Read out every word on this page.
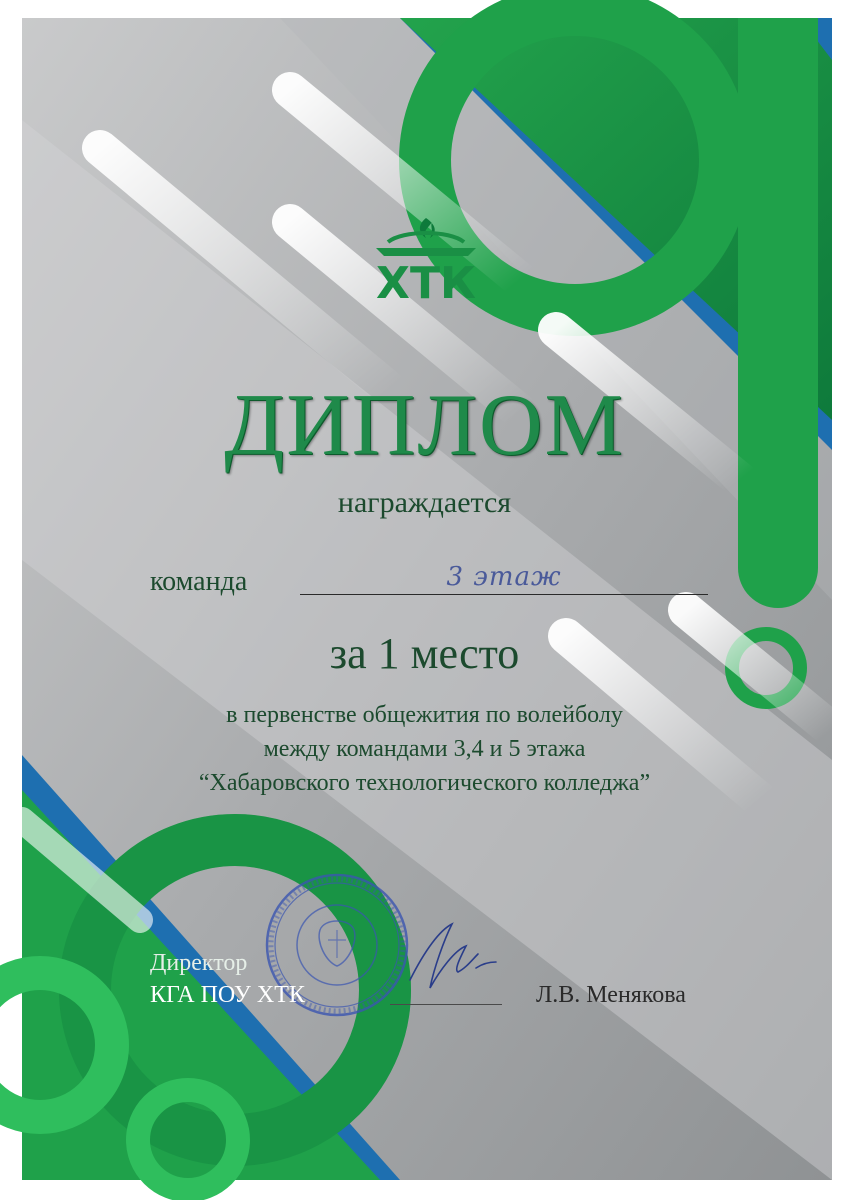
ХТК
ДИПЛОМ
награждается
команда	3 этаж
за 1 место
в первенстве общежития по волейболу
между командами 3,4 и 5 этажа
“Хабаровского технологического колледжа”
Директор
КГА ПОУ ХТК	Л.В. Менякова
